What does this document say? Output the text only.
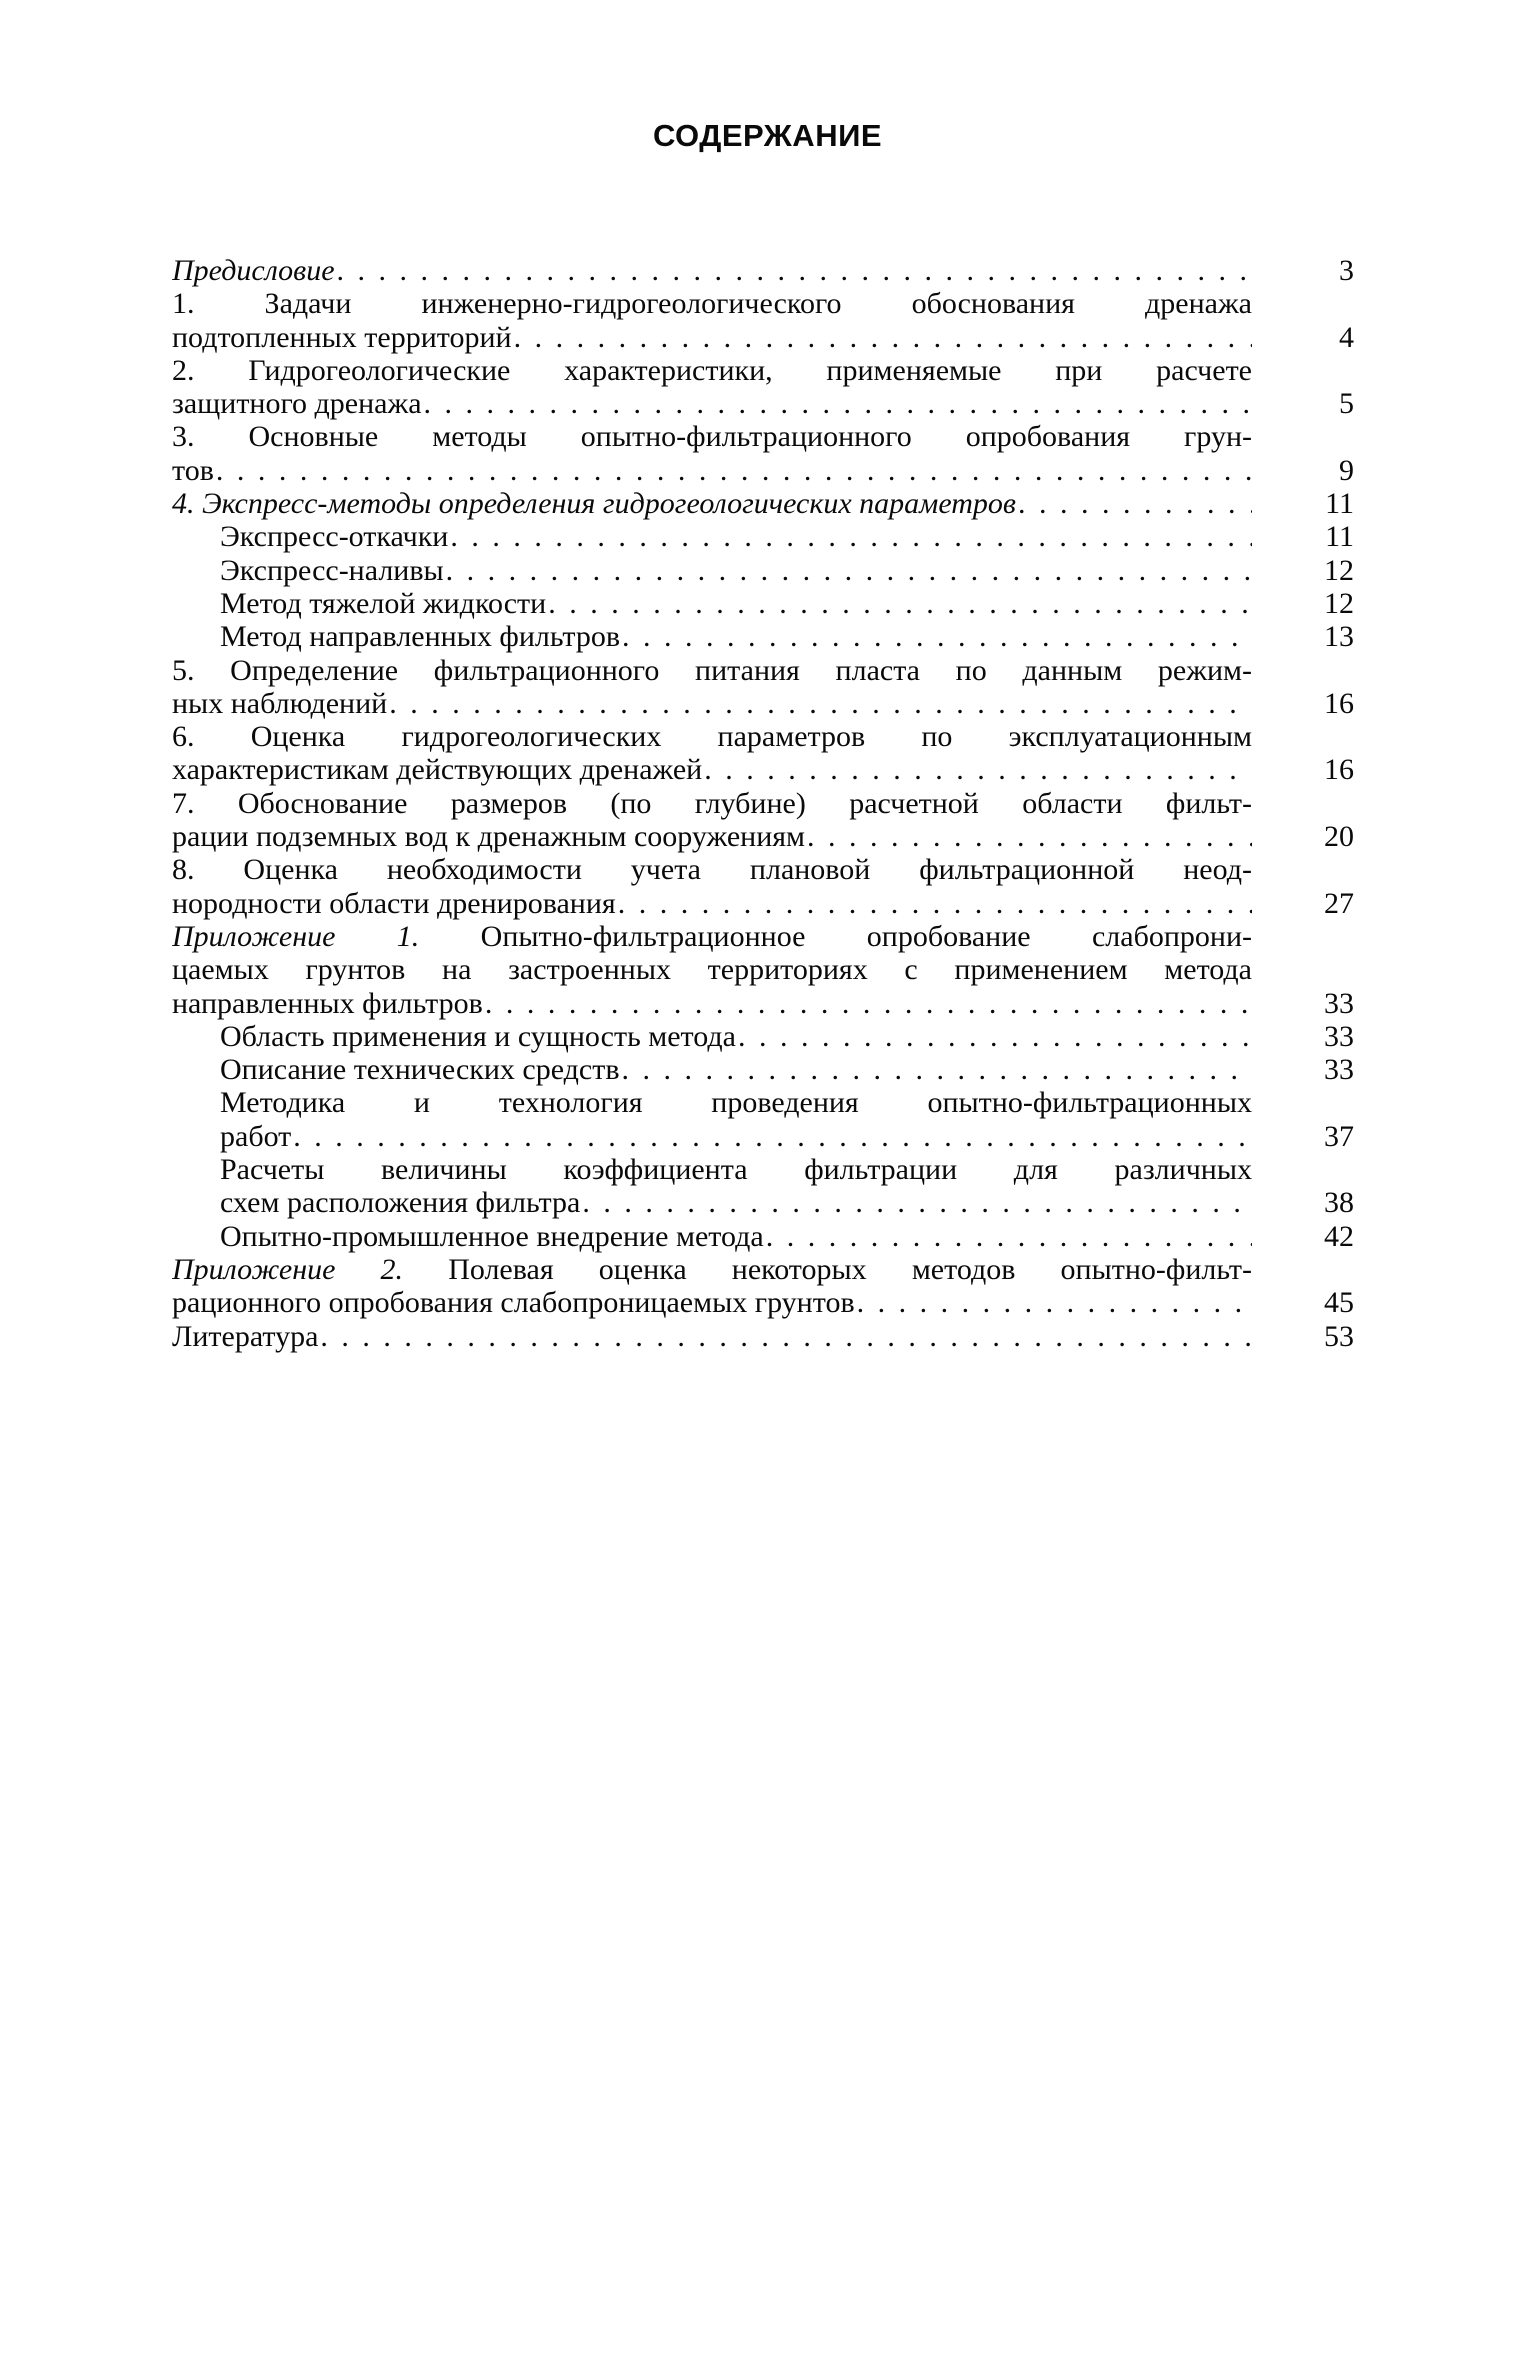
СОДЕРЖАНИЕ
Предисловие . . .	3
1. Задачи инженерно-гидрогеологического обоснования дренажа
подтопленных территорий . . .	4
2. Гидрогеологические характеристики, применяемые при расчете
защитного дренажа . . .	5
3. Основные методы опытно-фильтрационного опробования грун-
тов . . .	9
4. Экспресс-методы определения гидрогеологических параметров . . .	11
Экспресс-откачки . . .	11
Экспресс-наливы . . .	12
Метод тяжелой жидкости . . .	12
Метод направленных фильтров . . .	13
5. Определение фильтрационного питания пласта по данным режим-
ных наблюдений . . .	16
6. Оценка гидрогеологических параметров по эксплуатационным
характеристикам действующих дренажей . . .	16
7. Обоснование размеров (по глубине) расчетной области фильт-
рации подземных вод к дренажным сооружениям . . .	20
8. Оценка необходимости учета плановой фильтрационной неод-
нородности области дренирования . . .	27
Приложение 1. Опытно-фильтрационное опробование слабопрони-
цаемых грунтов на застроенных территориях с применением метода
направленных фильтров . . .	33
Область применения и сущность метода . . .	33
Описание технических средств . . .	33
Методика и технология проведения опытно-фильтрационных
работ . . .	37
Расчеты величины коэффициента фильтрации для различных
схем расположения фильтра . . .	38
Опытно-промышленное внедрение метода . . .	42
Приложение 2. Полевая оценка некоторых методов опытно-фильт-
рационного опробования слабопроницаемых грунтов . . .	45
Литература . . .	53
